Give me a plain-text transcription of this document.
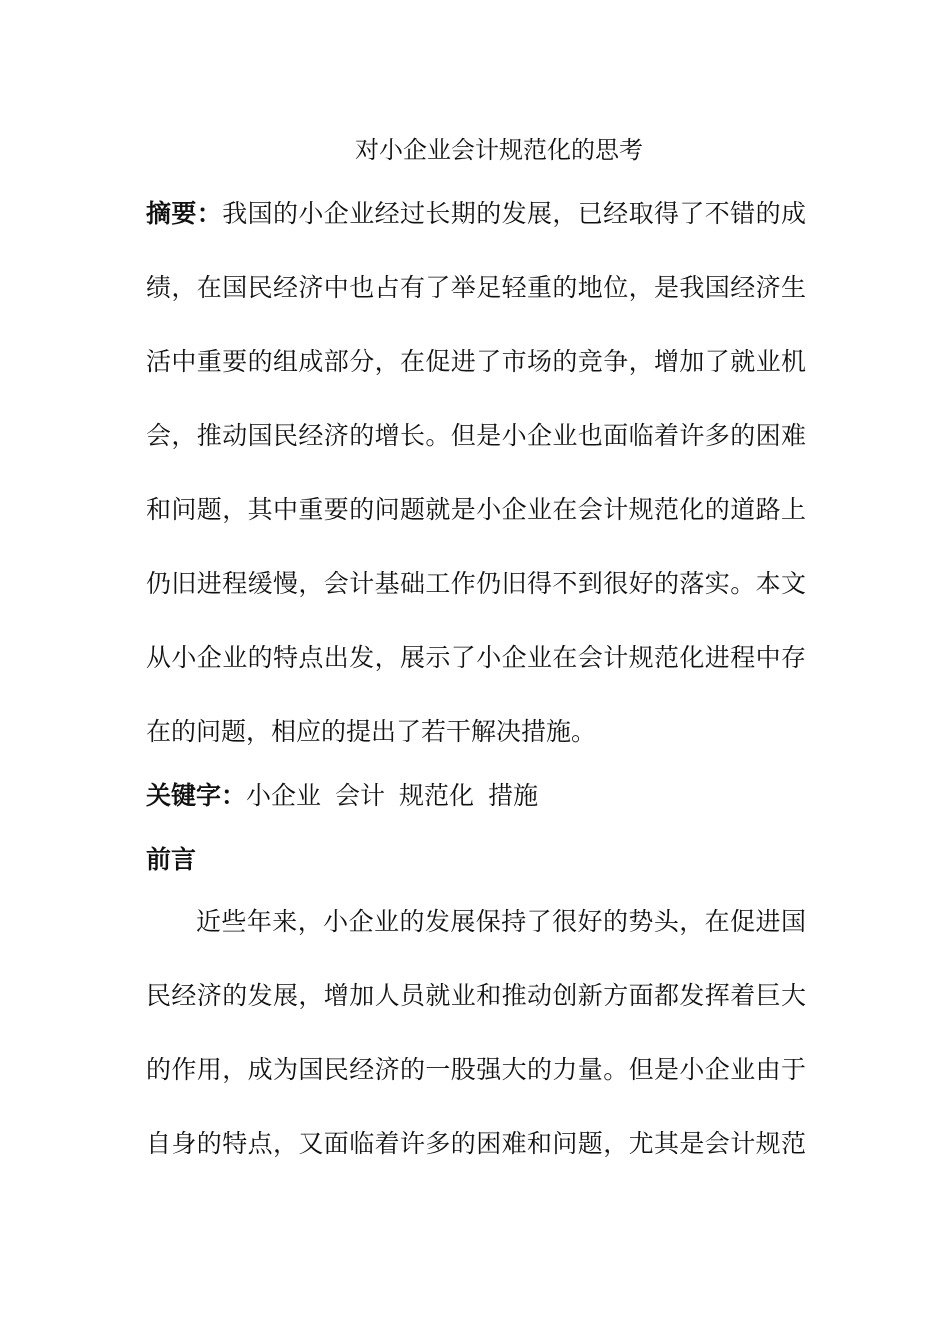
对小企业会计规范化的思考
摘要：我国的小企业经过长期的发展，已经取得了不错的成
绩，在国民经济中也占有了举足轻重的地位，是我国经济生
活中重要的组成部分，在促进了市场的竞争，增加了就业机
会，推动国民经济的增长。但是小企业也面临着许多的困难
和问题，其中重要的问题就是小企业在会计规范化的道路上
仍旧进程缓慢，会计基础工作仍旧得不到很好的落实。本文
从小企业的特点出发，展示了小企业在会计规范化进程中存
在的问题，相应的提出了若干解决措施。
关键字：小企业 会计 规范化 措施
前言
近些年来，小企业的发展保持了很好的势头，在促进国
民经济的发展，增加人员就业和推动创新方面都发挥着巨大
的作用，成为国民经济的一股强大的力量。但是小企业由于
自身的特点，又面临着许多的困难和问题，尤其是会计规范
